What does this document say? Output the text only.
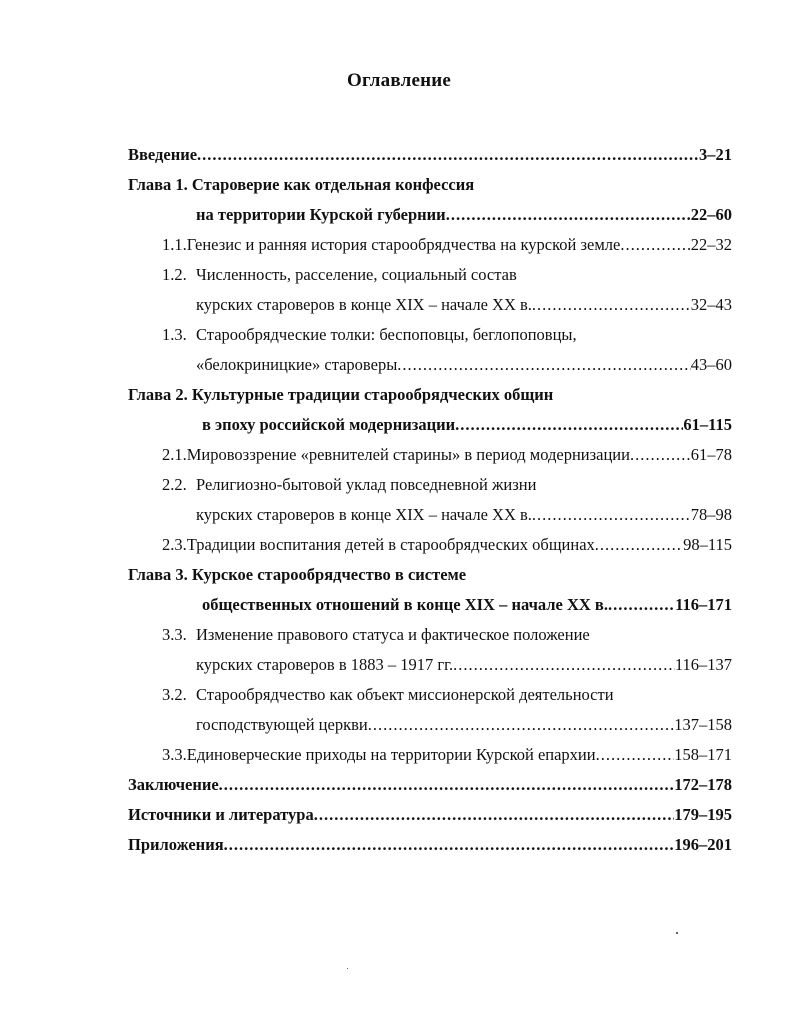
Оглавление
Введение .....	3–21
Глава 1. Староверие как отдельная конфессия
на территории Курской губернии .....	22–60
1.1. Генезис и ранняя история старообрядчества на курской земле .....	22–32
1.2. Численность, расселение, социальный состав
курских староверов в конце XIX – начале XX в. .....	32–43
1.3. Старообрядческие толки: беспоповцы, беглопоповцы,
«белокриницкие» староверы .....	43–60
Глава 2. Культурные традиции старообрядческих общин
в эпоху российской модернизации .....	61–115
2.1. Мировоззрение «ревнителей старины» в период модернизации .....	61–78
2.2. Религиозно-бытовой уклад повседневной жизни
курских староверов в конце XIX – начале XX в. .....	78–98
2.3. Традиции воспитания детей в старообрядческих общинах .....	98–115
Глава 3. Курское старообрядчество в системе
общественных отношений в конце XIX – начале XX в. .....	116–171
3.3. Изменение правового статуса и фактическое положение
курских староверов в 1883 – 1917 гг. .....	116–137
3.2. Старообрядчество как объект миссионерской деятельности
господствующей церкви .....	137–158
3.3. Единоверческие приходы на территории Курской епархии .....	158–171
Заключение .....	172–178
Источники и литература .....	179–195
Приложения .....	196–201
